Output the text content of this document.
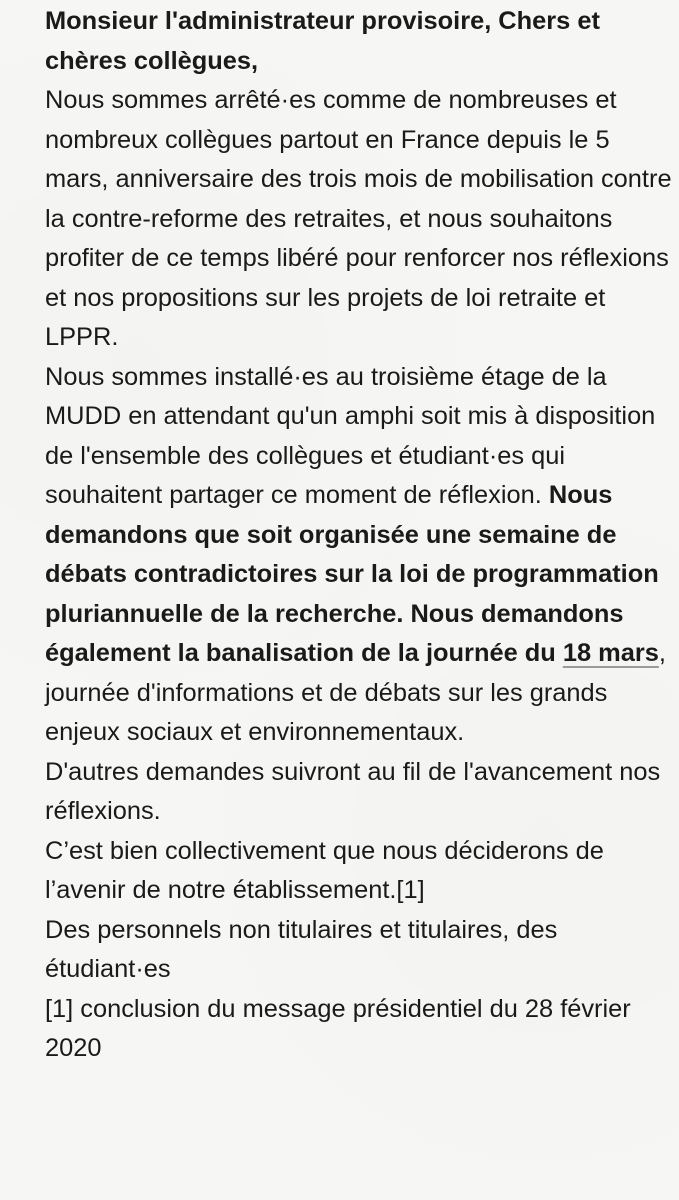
Monsieur l'administrateur provisoire, Chers et chères collègues,

Nous sommes arrêté·es comme de nombreuses et nombreux collègues partout en France depuis le 5 mars, anniversaire des trois mois de mobilisation contre la contre-reforme des retraites, et nous souhaitons profiter de ce temps libéré pour renforcer nos réflexions et nos propositions sur les projets de loi retraite et LPPR.

Nous sommes installé·es au troisième étage de la MUDD en attendant qu'un amphi soit mis à disposition de l'ensemble des collègues et étudiant·es qui souhaitent partager ce moment de réflexion. Nous demandons que soit organisée une semaine de débats contradictoires sur la loi de programmation pluriannuelle de la recherche. Nous demandons également la banalisation de la journée du 18 mars, journée d'informations et de débats sur les grands enjeux sociaux et environnementaux.

D'autres demandes suivront au fil de l'avancement nos réflexions.

C’est bien collectivement que nous déciderons de l’avenir de notre établissement.[1]

Des personnels non titulaires et titulaires, des étudiant·es

[1] conclusion du message présidentiel du 28 février 2020
